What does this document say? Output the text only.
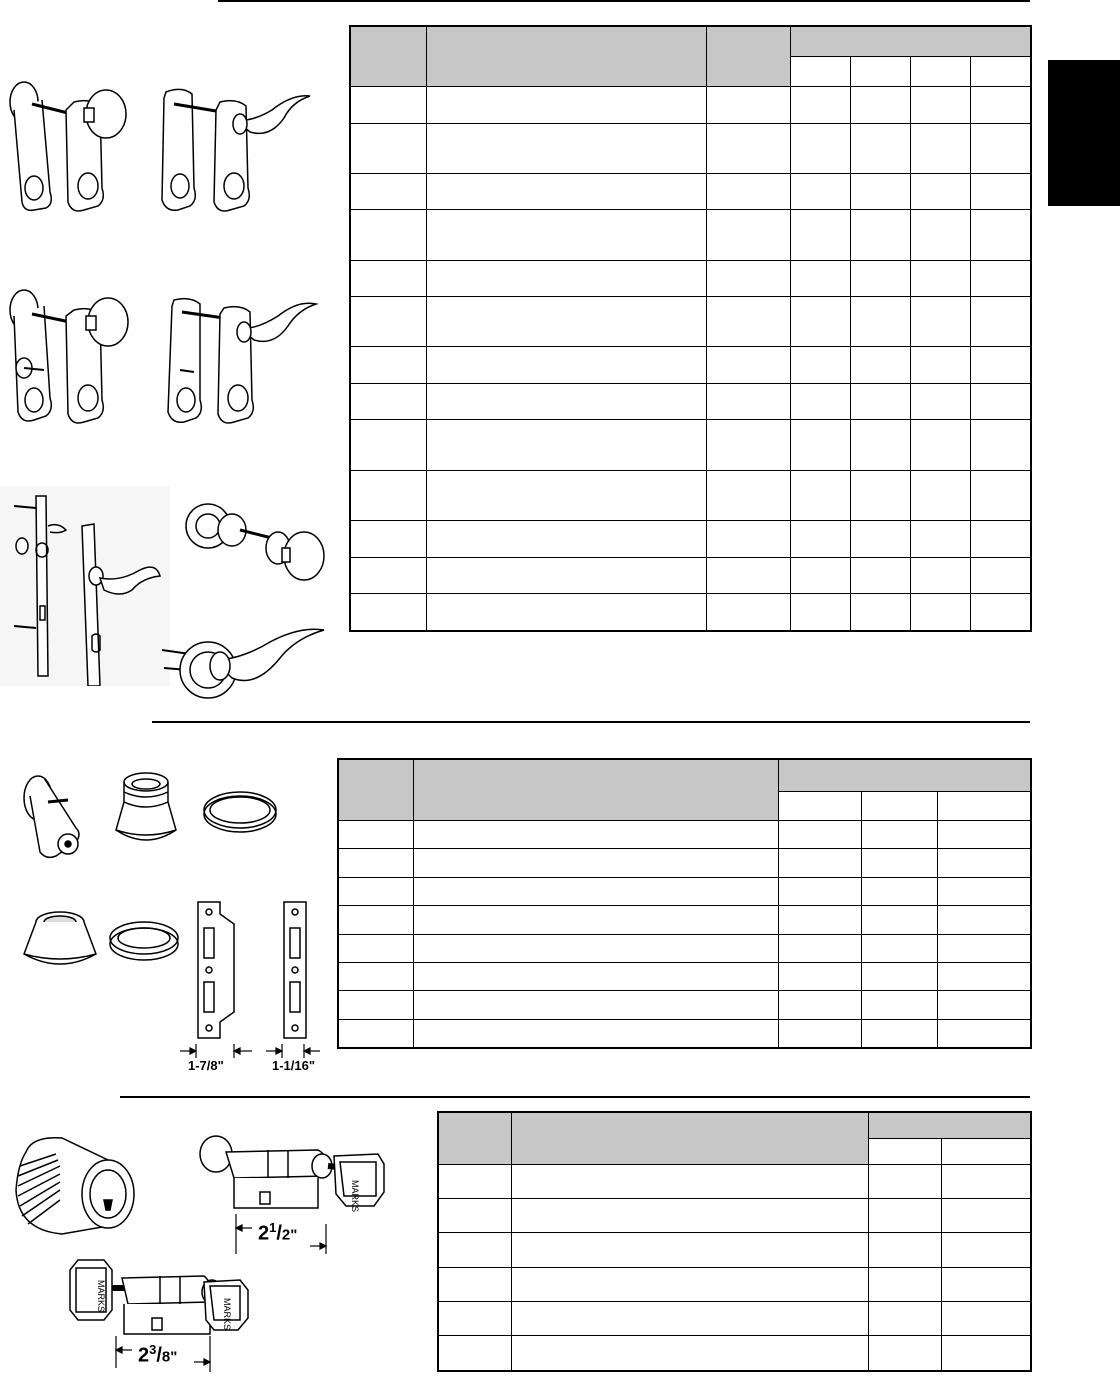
1-7/8"	1-1/16"
MARKS
$2^1/2$"
MARKS
MARKS
$2^3/8$"
